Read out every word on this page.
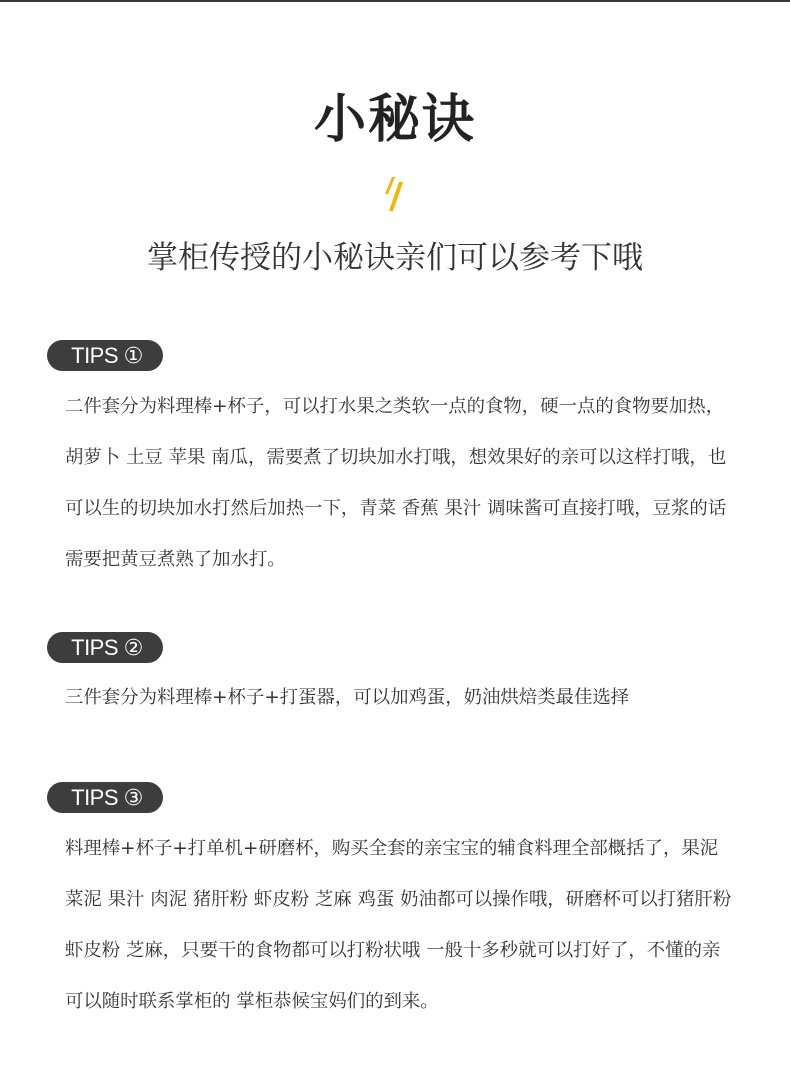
小秘诀
掌柜传授的小秘诀亲们可以参考下哦
TIPS ①

二件套分为料理棒+杯子，可以打水果之类软一点的食物，硬一点的食物要加热，胡萝卜 土豆 苹果 南瓜，需要煮了切块加水打哦，想效果好的亲可以这样打哦，也可以生的切块加水打然后加热一下，青菜 香蕉 果汁 调味酱可直接打哦，豆浆的话需要把黄豆煮熟了加水打。

TIPS ②

三件套分为料理棒+杯子+打蛋器，可以加鸡蛋，奶油烘焙类最佳选择

TIPS ③

料理棒+杯子+打单机+研磨杯，购买全套的亲宝宝的辅食料理全部概括了，果泥 菜泥 果汁 肉泥 猪肝粉 虾皮粉 芝麻 鸡蛋 奶油都可以操作哦，研磨杯可以打猪肝粉 虾皮粉 芝麻，只要干的食物都可以打粉状哦 一般十多秒就可以打好了，不懂的亲可以随时联系掌柜的 掌柜恭候宝妈们的到来。
